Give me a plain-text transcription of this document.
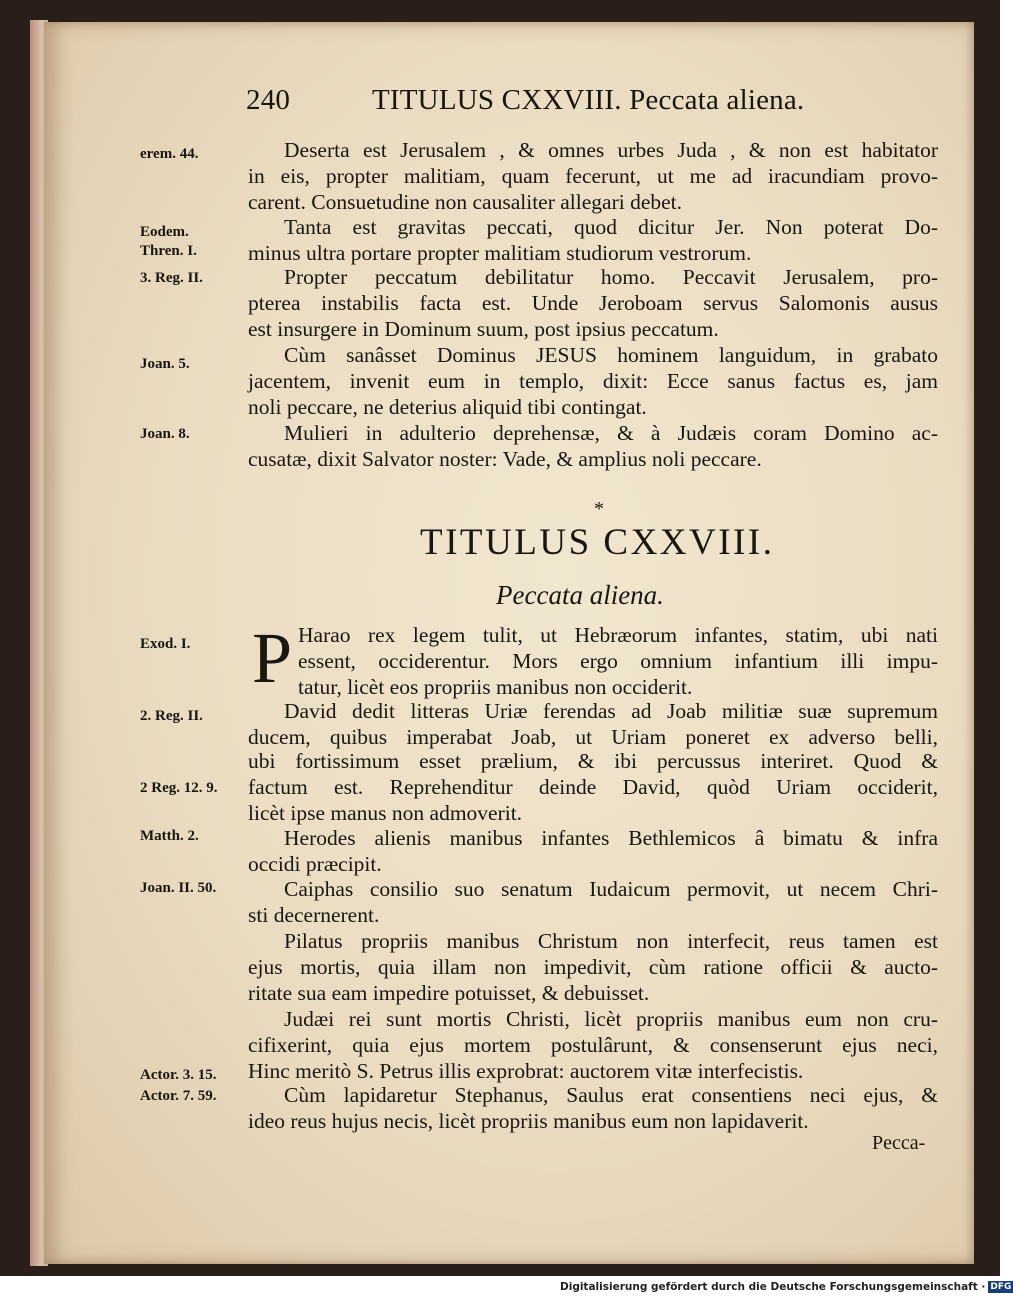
240	TITULUS CXXVIII. Peccata aliena.
erem. 44.
Eodem.
Thren. I.
3. Reg. II.
Joan. 5.
Joan. 8.
Exod. I.
2. Reg. II.
2 Reg. 12. 9.
Matth. 2.
Joan. II. 50.
Actor. 3. 15.
Actor. 7. 59.
Deserta est Jerusalem , & omnes urbes Juda , & non est habitator
in eis, propter malitiam, quam fecerunt, ut me ad iracundiam provo-
carent. Consuetudine non causaliter allegari debet.
Tanta est gravitas peccati, quod dicitur Jer. Non poterat Do-
minus ultra portare propter malitiam studiorum vestrorum.
Propter peccatum debilitatur homo. Peccavit Jerusalem, pro-
pterea instabilis facta est. Unde Jeroboam servus Salomonis ausus
est insurgere in Dominum suum, post ipsius peccatum.
Cùm sanâsset Dominus JESUS hominem languidum, in grabato
jacentem, invenit eum in templo, dixit: Ecce sanus factus es, jam
noli peccare, ne deterius aliquid tibi contingat.
Mulieri in adulterio deprehensæ, & à Judæis coram Domino ac-
cusatæ, dixit Salvator noster: Vade, & amplius noli peccare.
*
TITULUS CXXVIII.
Peccata aliena.
P Harao rex legem tulit, ut Hebræorum infantes, statim, ubi nati
essent, occiderentur. Mors ergo omnium infantium illi impu-
tatur, licèt eos propriis manibus non occiderit.
David dedit litteras Uriæ ferendas ad Joab militiæ suæ supremum
ducem, quibus imperabat Joab, ut Uriam poneret ex adverso belli,
ubi fortissimum esset prælium, & ibi percussus interiret. Quod &
factum est. Reprehenditur deinde David, quòd Uriam occiderit,
licèt ipse manus non admoverit.
Herodes alienis manibus infantes Bethlemicos â bimatu & infra
occidi præcipit.
Caiphas consilio suo senatum Iudaicum permovit, ut necem Chri-
sti decernerent.
Pilatus propriis manibus Christum non interfecit, reus tamen est
ejus mortis, quia illam non impedivit, cùm ratione officii & aucto-
ritate sua eam impedire potuisset, & debuisset.
Judæi rei sunt mortis Christi, licèt propriis manibus eum non cru-
cifixerint, quia ejus mortem postulârunt, & consenserunt ejus neci,
Hinc meritò S. Petrus illis exprobrat: auctorem vitæ interfecistis.
Cùm lapidaretur Stephanus, Saulus erat consentiens neci ejus, &
ideo reus hujus necis, licèt propriis manibus eum non lapidaverit.
Pecca-
Digitalisierung gefördert durch die Deutsche Forschungsgemeinschaft · DFG
